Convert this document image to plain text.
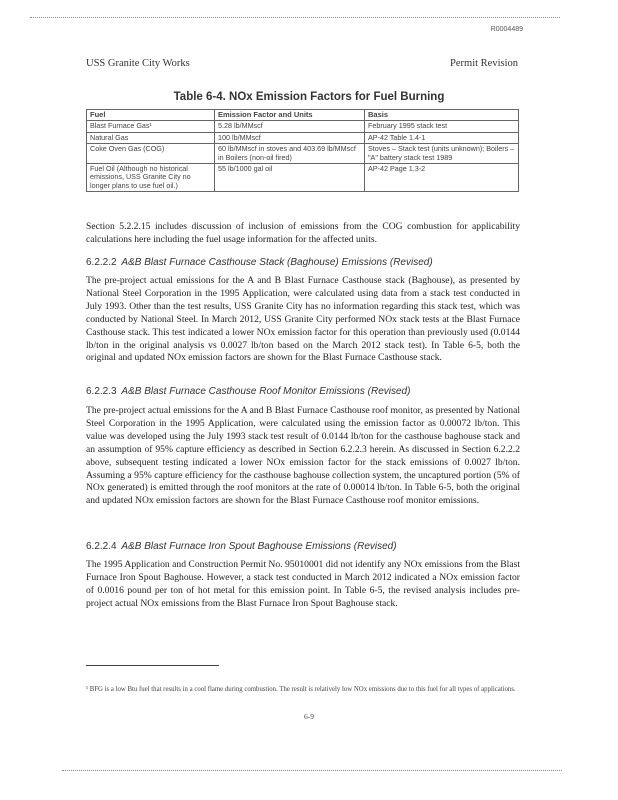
R0004489
USS Granite City Works	Permit Revision
Table 6-4. NOx Emission Factors for Fuel Burning
Fuel	Emission Factor and Units	Basis
Blast Furnace Gas¹	5.28 lb/MMscf	February 1995 stack test
Natural Gas	100 lb/MMscf	AP-42 Table 1.4-1
Coke Oven Gas (COG)	60 lb/MMscf in stoves and 403.69 lb/MMscf in Boilers (non-oil fired)	Stoves – Stack test (units unknown); Boilers – "A" battery stack test 1989
Fuel Oil (Although no historical emissions, USS Granite City no longer plans to use fuel oil.)	55 lb/1000 gal oil	AP-42 Page 1.3-2
Section 5.2.2.15 includes discussion of inclusion of emissions from the COG combustion for applicability calculations here including the fuel usage information for the affected units.
6.2.2.2 A&B Blast Furnace Casthouse Stack (Baghouse) Emissions (Revised)
The pre-project actual emissions for the A and B Blast Furnace Casthouse stack (Baghouse), as presented by National Steel Corporation in the 1995 Application, were calculated using data from a stack test conducted in July 1993. Other than the test results, USS Granite City has no information regarding this stack test, which was conducted by National Steel. In March 2012, USS Granite City performed NOx stack tests at the Blast Furnace Casthouse stack. This test indicated a lower NOx emission factor for this operation than previously used (0.0144 lb/ton in the original analysis vs 0.0027 lb/ton based on the March 2012 stack test). In Table 6-5, both the original and updated NOx emission factors are shown for the Blast Furnace Casthouse stack.
6.2.2.3 A&B Blast Furnace Casthouse Roof Monitor Emissions (Revised)
The pre-project actual emissions for the A and B Blast Furnace Casthouse roof monitor, as presented by National Steel Corporation in the 1995 Application, were calculated using the emission factor as 0.00072 lb/ton. This value was developed using the July 1993 stack test result of 0.0144 lb/ton for the casthouse baghouse stack and an assumption of 95% capture efficiency as described in Section 6.2.2.3 herein. As discussed in Section 6.2.2.2 above, subsequent testing indicated a lower NOx emission factor for the stack emissions of 0.0027 lb/ton. Assuming a 95% capture efficiency for the casthouse baghouse collection system, the uncaptured portion (5% of NOx generated) is emitted through the roof monitors at the rate of 0.00014 lb/ton. In Table 6-5, both the original and updated NOx emission factors are shown for the Blast Furnace Casthouse roof monitor emissions.
6.2.2.4 A&B Blast Furnace Iron Spout Baghouse Emissions (Revised)
The 1995 Application and Construction Permit No. 95010001 did not identify any NOx emissions from the Blast Furnace Iron Spout Baghouse. However, a stack test conducted in March 2012 indicated a NOx emission factor of 0.0016 pound per ton of hot metal for this emission point. In Table 6-5, the revised analysis includes pre-project actual NOx emissions from the Blast Furnace Iron Spout Baghouse stack.
¹ BFG is a low Btu fuel that results in a cool flame during combustion. The result is relatively low NOx emissions due to this fuel for all types of applications.
6-9
